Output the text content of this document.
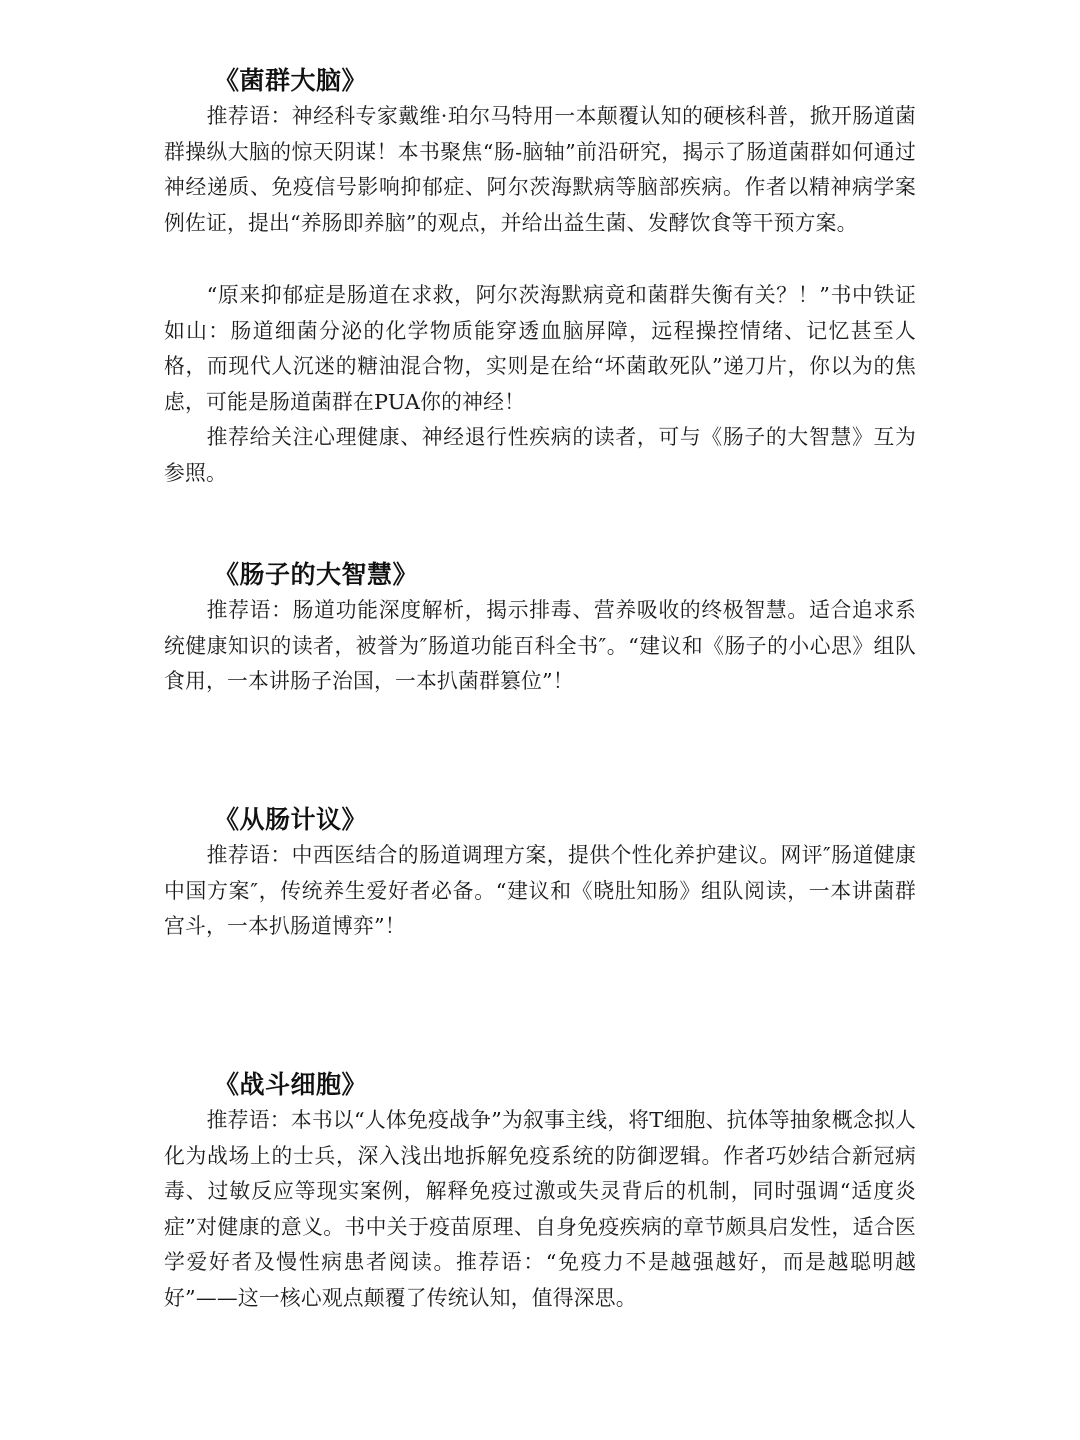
《菌群大脑》

推荐语：神经科专家戴维·珀尔马特用一本颠覆认知的硬核科普，掀开肠道菌群操纵大脑的惊天阴谋！本书聚焦“肠-脑轴”前沿研究，揭示了肠道菌群如何通过神经递质、免疫信号影响抑郁症、阿尔茨海默病等脑部疾病。作者以精神病学案例佐证，提出“养肠即养脑”的观点，并给出益生菌、发酵饮食等干预方案。

“原来抑郁症是肠道在求救，阿尔茨海默病竟和菌群失衡有关？！”书中铁证如山：肠道细菌分泌的化学物质能穿透血脑屏障，远程操控情绪、记忆甚至人格，而现代人沉迷的糖油混合物，实则是在给“坏菌敢死队”递刀片，你以为的焦虑，可能是肠道菌群在PUA你的神经！

推荐给关注心理健康、神经退行性疾病的读者，可与《肠子的大智慧》互为参照。

《肠子的大智慧》

推荐语：肠道功能深度解析，揭示排毒、营养吸收的终极智慧。适合追求系统健康知识的读者，被誉为″肠道功能百科全书″。“建议和《肠子的小心思》组队食用，一本讲肠子治国，一本扒菌群篡位”！

《从肠计议》

推荐语：中西医结合的肠道调理方案，提供个性化养护建议。网评″肠道健康中国方案″，传统养生爱好者必备。“建议和《晓肚知肠》组队阅读，一本讲菌群宫斗，一本扒肠道博弈”！

《战斗细胞》

推荐语：本书以“人体免疫战争”为叙事主线，将T细胞、抗体等抽象概念拟人化为战场上的士兵，深入浅出地拆解免疫系统的防御逻辑。作者巧妙结合新冠病毒、过敏反应等现实案例，解释免疫过激或失灵背后的机制，同时强调“适度炎症”对健康的意义。书中关于疫苗原理、自身免疫疾病的章节颇具启发性，适合医学爱好者及慢性病患者阅读。推荐语：“免疫力不是越强越好，而是越聪明越好”——这一核心观点颠覆了传统认知，值得深思。
